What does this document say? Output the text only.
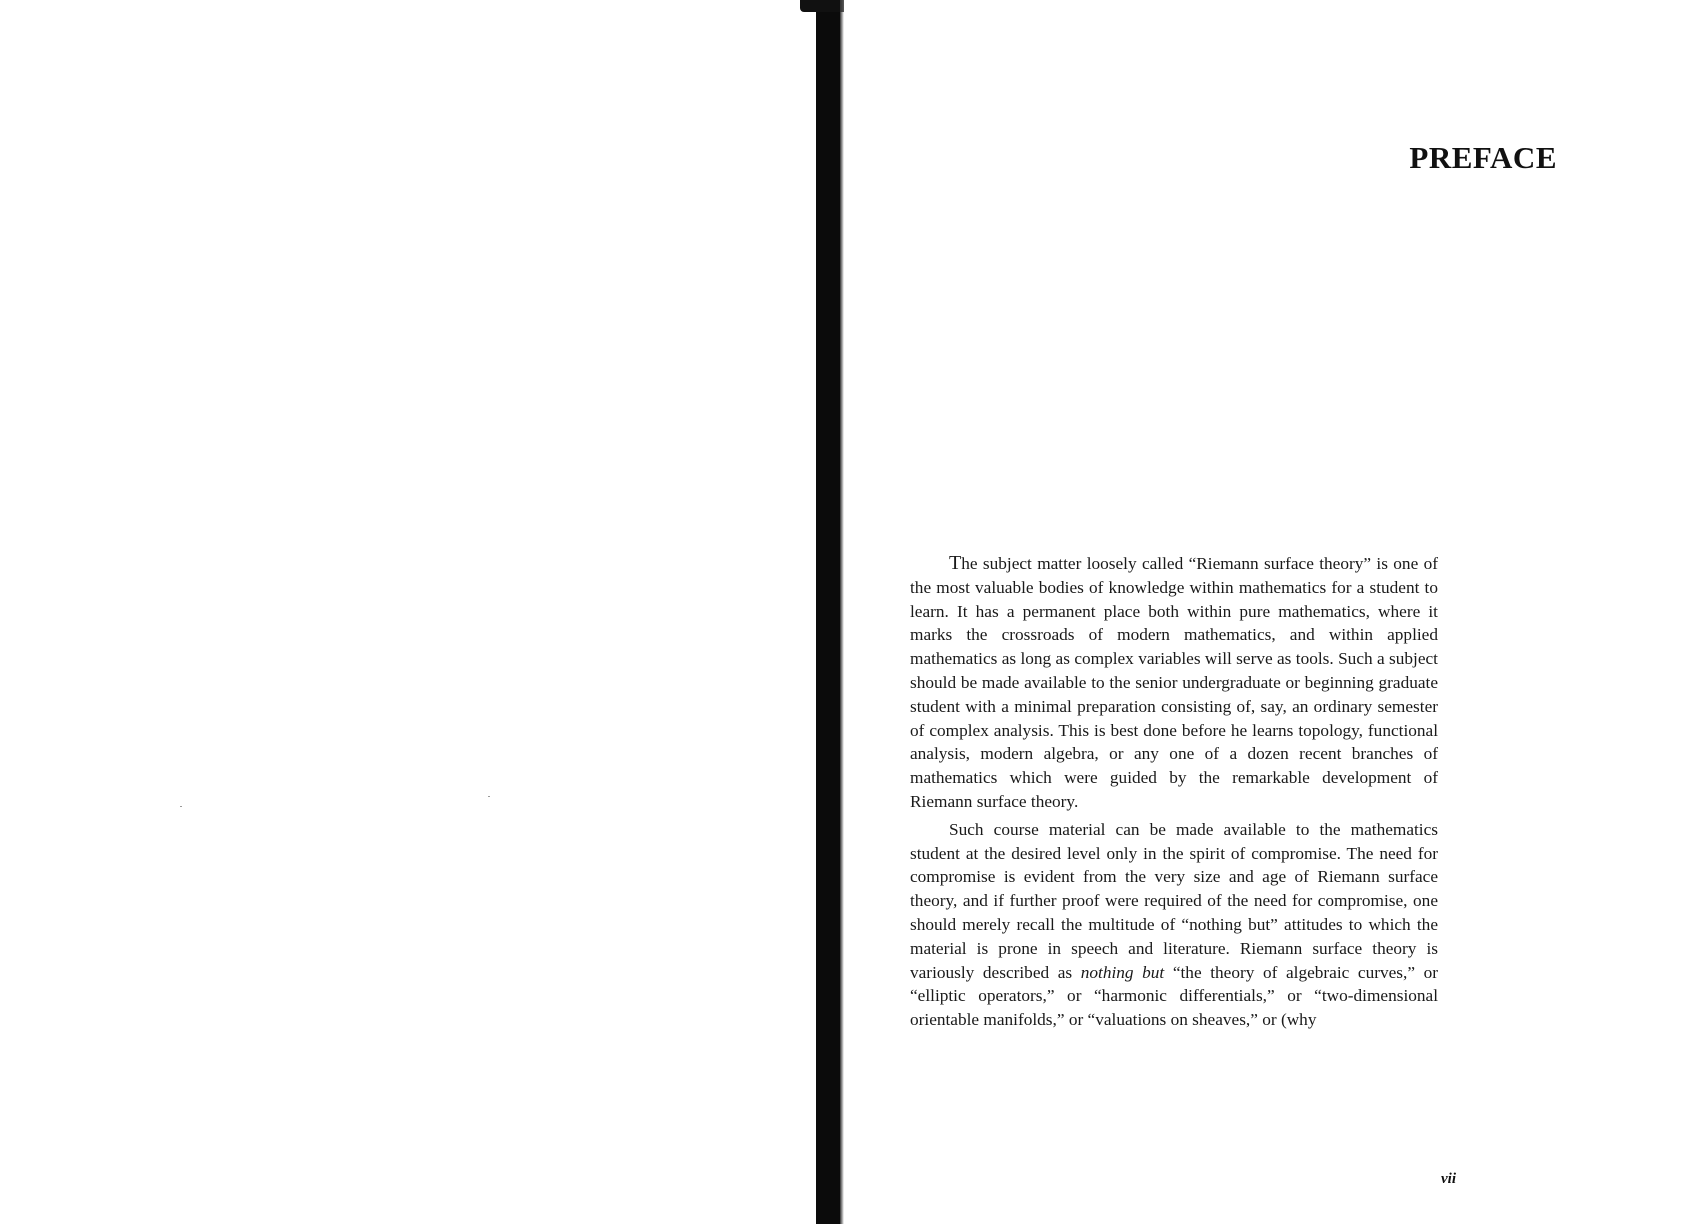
PREFACE

The subject matter loosely called “Riemann surface theory” is one of the most valuable bodies of knowledge within mathematics for a student to learn. It has a permanent place both within pure mathematics, where it marks the crossroads of modern mathematics, and within applied mathematics as long as complex variables will serve as tools. Such a subject should be made available to the senior undergraduate or beginning graduate student with a minimal preparation consisting of, say, an ordinary semester of complex analysis. This is best done before he learns topology, functional analysis, modern algebra, or any one of a dozen recent branches of mathematics which were guided by the remarkable development of Riemann surface theory.

Such course material can be made available to the mathematics student at the desired level only in the spirit of compromise. The need for compromise is evident from the very size and age of Riemann surface theory, and if further proof were required of the need for compromise, one should merely recall the multitude of “nothing but” attitudes to which the material is prone in speech and literature. Riemann surface theory is variously described as nothing but “the theory of algebraic curves,” or “elliptic operators,” or “harmonic differentials,” or “two-dimensional orientable manifolds,” or “valuations on sheaves,” or (why

vii
